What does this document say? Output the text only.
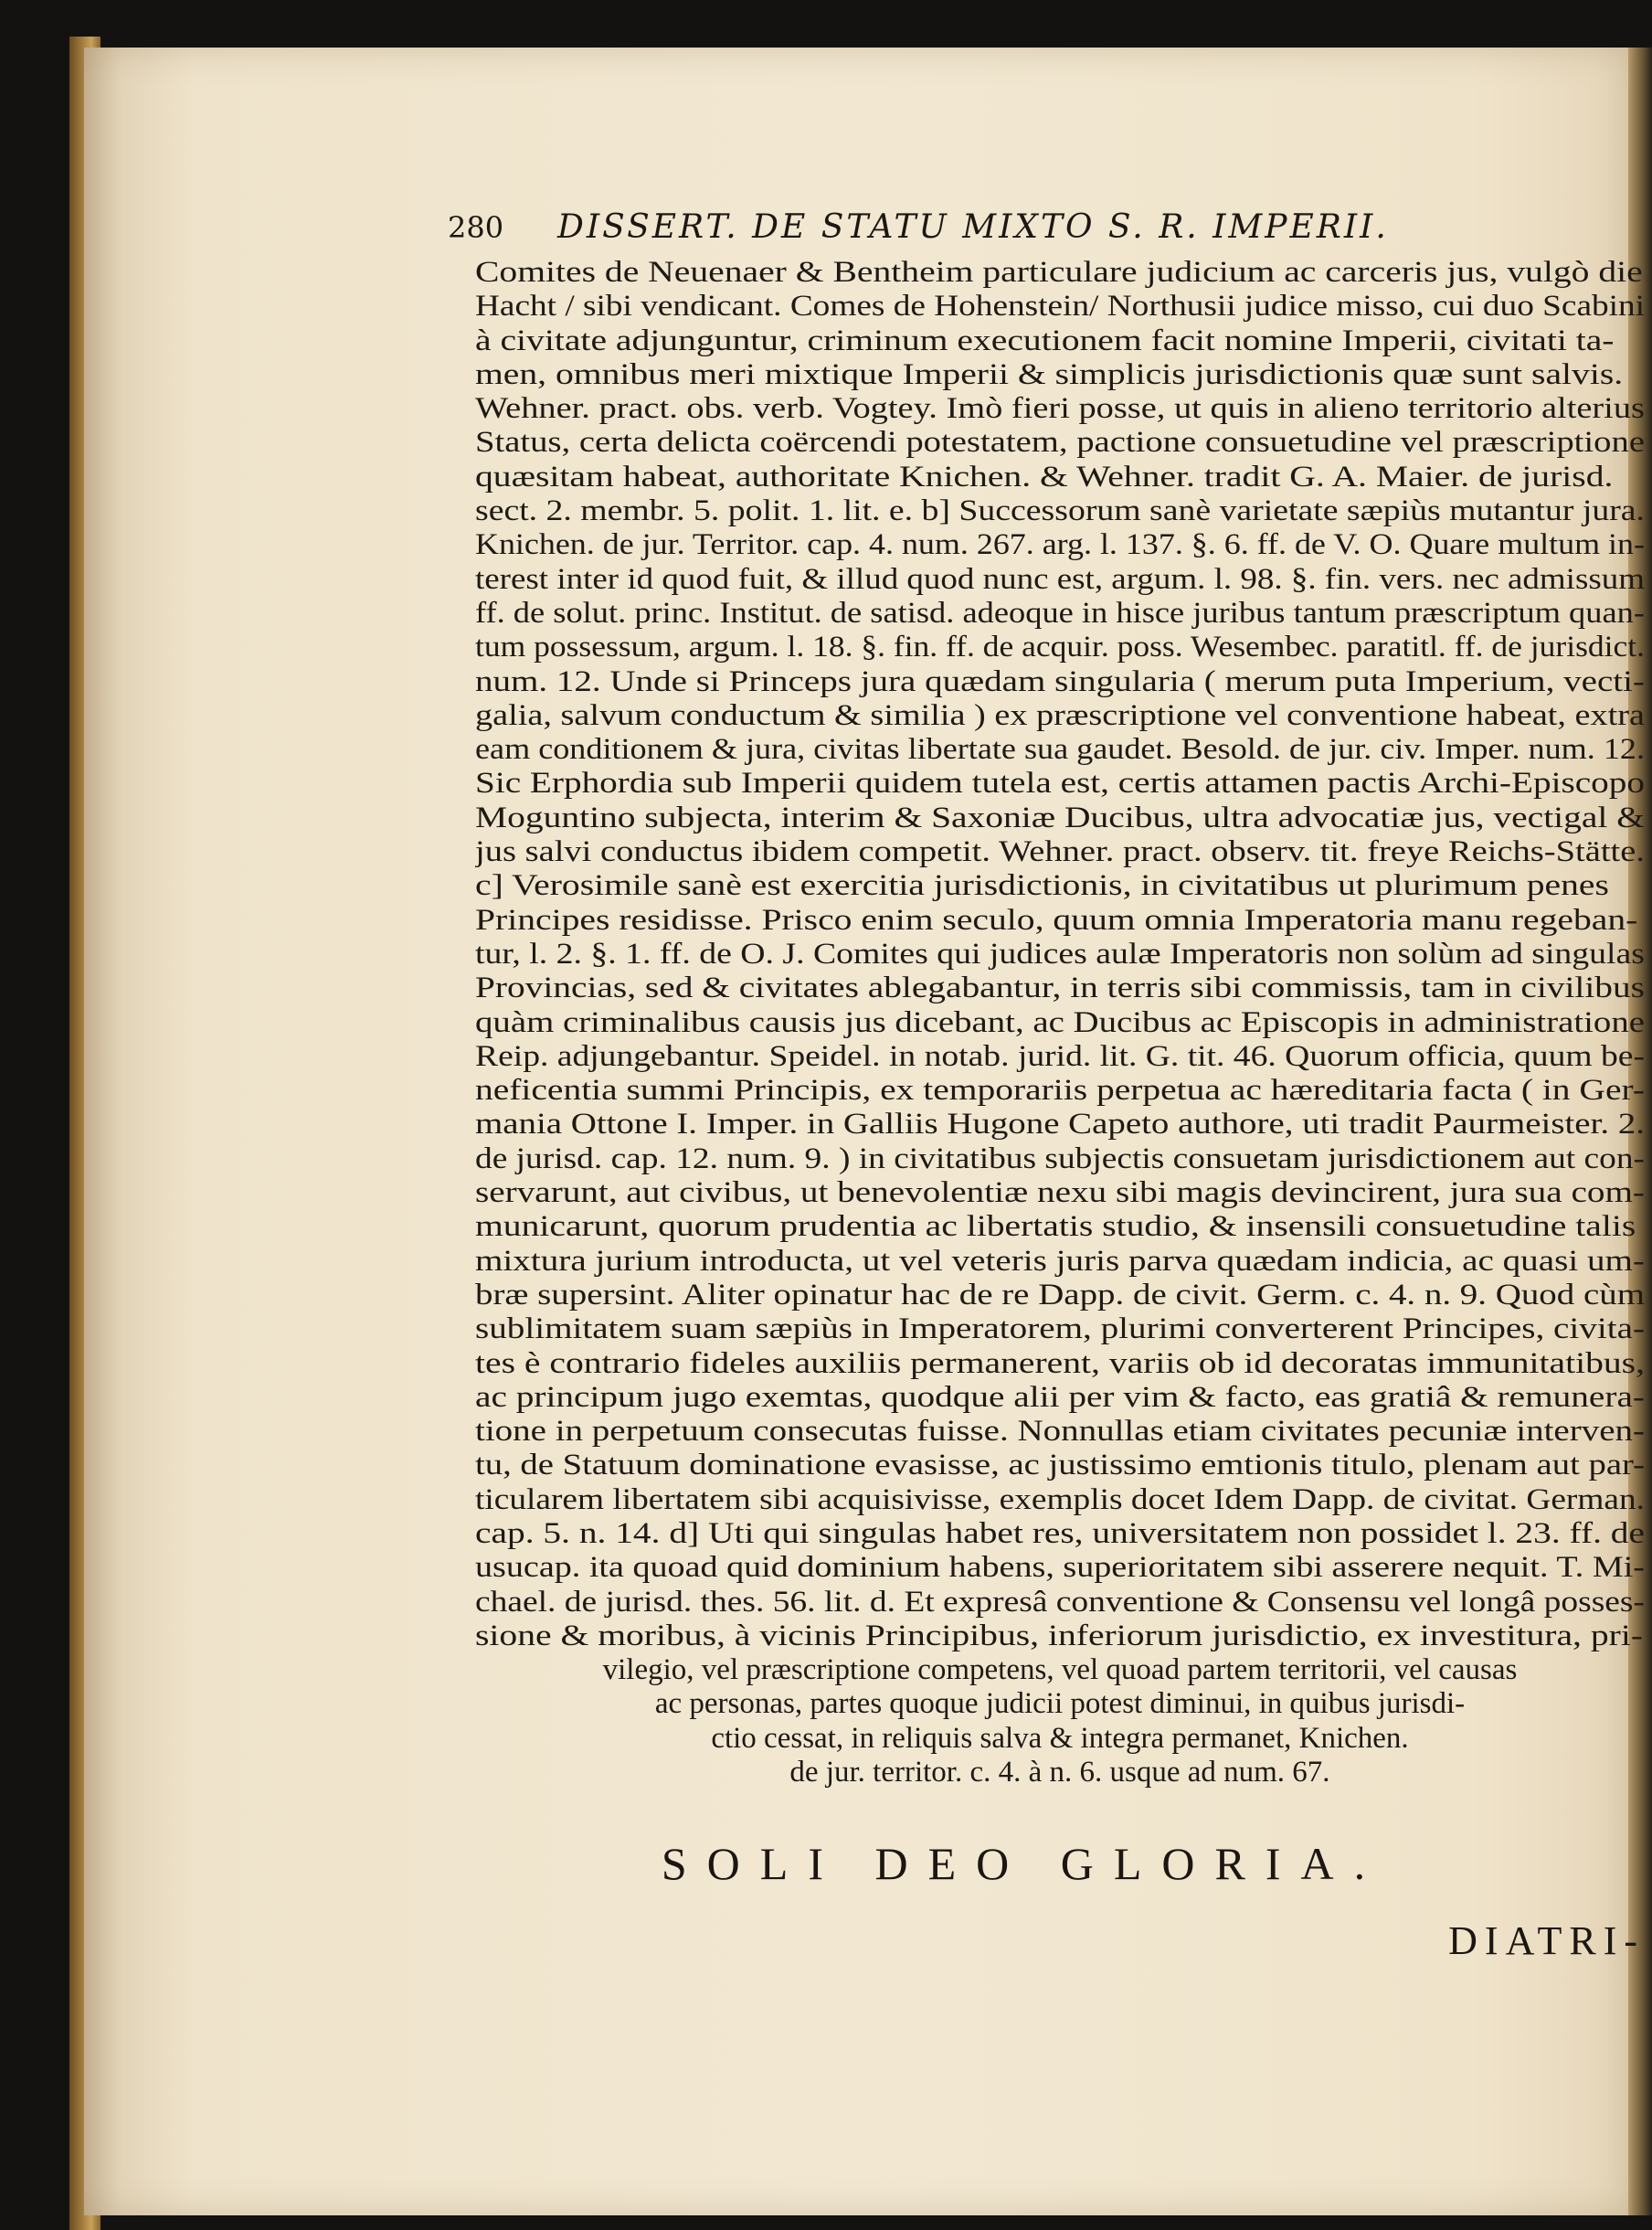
280	DISSERT. DE STATU MIXTO S. R. IMPERII.

Comites de Neuenaer & Bentheim particulare judicium ac carceris jus, vulgò die

Hacht / sibi vendicant. Comes de Hohenstein/ Northusii judice misso, cui duo Scabini

à civitate adjunguntur, criminum executionem facit nomine Imperii, civitati ta-

men, omnibus meri mixtique Imperii & simplicis jurisdictionis quæ sunt salvis.

Wehner. pract. obs. verb. Vogtey. Imò fieri posse, ut quis in alieno territorio alterius

Status, certa delicta coërcendi potestatem, pactione consuetudine vel præscriptione

quæsitam habeat, authoritate Knichen. & Wehner. tradit G. A. Maier. de jurisd.

sect. 2. membr. 5. polit. 1. lit. e. b] Successorum sanè varietate sæpiùs mutantur jura.

Knichen. de jur. Territor. cap. 4. num. 267. arg. l. 137. §. 6. ff. de V. O. Quare multum in-

terest inter id quod fuit, & illud quod nunc est, argum. l. 98. §. fin. vers. nec admissum

ff. de solut. princ. Institut. de satisd. adeoque in hisce juribus tantum præscriptum quan-

tum possessum, argum. l. 18. §. fin. ff. de acquir. poss. Wesembec. paratitl. ff. de jurisdict.

num. 12. Unde si Princeps jura quædam singularia ( merum puta Imperium, vecti-

galia, salvum conductum & similia ) ex præscriptione vel conventione habeat, extra

eam conditionem & jura, civitas libertate sua gaudet. Besold. de jur. civ. Imper. num. 12.

Sic Erphordia sub Imperii quidem tutela est, certis attamen pactis Archi-Episcopo

Moguntino subjecta, interim & Saxoniæ Ducibus, ultra advocatiæ jus, vectigal &

jus salvi conductus ibidem competit. Wehner. pract. observ. tit. freye Reichs-Stätte.

c] Verosimile sanè est exercitia jurisdictionis, in civitatibus ut plurimum penes

Principes residisse. Prisco enim seculo, quum omnia Imperatoria manu regeban-

tur, l. 2. §. 1. ff. de O. J. Comites qui judices aulæ Imperatoris non solùm ad singulas

Provincias, sed & civitates ablegabantur, in terris sibi commissis, tam in civilibus

quàm criminalibus causis jus dicebant, ac Ducibus ac Episcopis in administratione

Reip. adjungebantur. Speidel. in notab. jurid. lit. G. tit. 46. Quorum officia, quum be-

neficentia summi Principis, ex temporariis perpetua ac hæreditaria facta ( in Ger-

mania Ottone I. Imper. in Galliis Hugone Capeto authore, uti tradit Paurmeister. 2.

de jurisd. cap. 12. num. 9. ) in civitatibus subjectis consuetam jurisdictionem aut con-

servarunt, aut civibus, ut benevolentiæ nexu sibi magis devincirent, jura sua com-

municarunt, quorum prudentia ac libertatis studio, & insensili consuetudine talis

mixtura jurium introducta, ut vel veteris juris parva quædam indicia, ac quasi um-

bræ supersint. Aliter opinatur hac de re Dapp. de civit. Germ. c. 4. n. 9. Quod cùm

sublimitatem suam sæpiùs in Imperatorem, plurimi converterent Principes, civita-

tes è contrario fideles auxiliis permanerent, variis ob id decoratas immunitatibus,

ac principum jugo exemtas, quodque alii per vim & facto, eas gratiâ & remunera-

tione in perpetuum consecutas fuisse. Nonnullas etiam civitates pecuniæ interven-

tu, de Statuum dominatione evasisse, ac justissimo emtionis titulo, plenam aut par-

ticularem libertatem sibi acquisivisse, exemplis docet Idem Dapp. de civitat. German.

cap. 5. n. 14. d] Uti qui singulas habet res, universitatem non possidet l. 23. ff. de

usucap. ita quoad quid dominium habens, superioritatem sibi asserere nequit. T. Mi-

chael. de jurisd. thes. 56. lit. d. Et expresâ conventione & Consensu vel longâ posses-

sione & moribus, à vicinis Principibus, inferiorum jurisdictio, ex investitura, pri-

vilegio, vel præscriptione competens, vel quoad partem territorii, vel causas

ac personas, partes quoque judicii potest diminui, in quibus jurisdi-

ctio cessat, in reliquis salva & integra permanet, Knichen.

de jur. territor. c. 4. à n. 6. usque ad num. 67.

SOLI DEO GLORIA.
DIATRI-
